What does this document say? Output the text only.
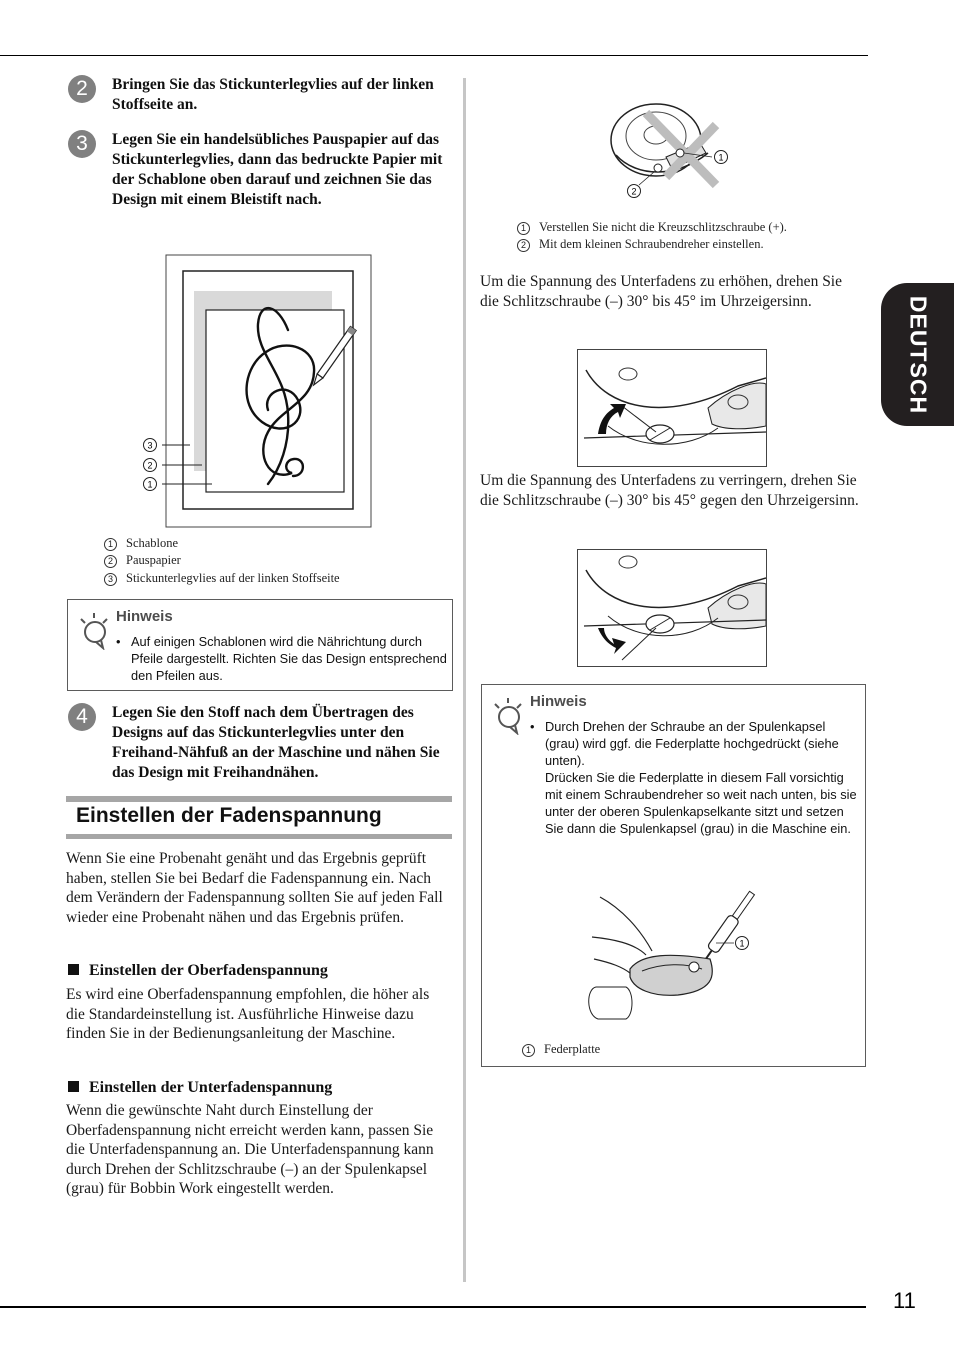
11
DEUTSCH
2	Bringen Sie das Stickunterlegvlies auf der linken Stoffseite an.
3	Legen Sie ein handelsübliches Pauspapier auf das Stickunterlegvlies, dann das bedruckte Papier mit der Schablone oben darauf und zeichnen Sie das Design mit einem Bleistift nach.
3
2
1
1 Schablone
2 Pauspapier
3 Stickunterlegvlies auf der linken Stoffseite
Hinweis
• Auf einigen Schablonen wird die Nährichtung durch Pfeile dargestellt. Richten Sie das Design entsprechend den Pfeilen aus.
4	Legen Sie den Stoff nach dem Übertragen des Designs auf das Stickunterlegvlies unter den Freihand-Nähfuß an der Maschine und nähen Sie das Design mit Freihandnähen.
Einstellen der Fadenspannung
Wenn Sie eine Probenaht genäht und das Ergebnis geprüft haben, stellen Sie bei Bedarf die Fadenspannung ein. Nach dem Verändern der Fadenspannung sollten Sie auf jeden Fall wieder eine Probenaht nähen und das Ergebnis prüfen.
Einstellen der Oberfadenspannung
Es wird eine Oberfadenspannung empfohlen, die höher als die Standardeinstellung ist. Ausführliche Hinweise dazu finden Sie in der Bedienungsanleitung der Maschine.
Einstellen der Unterfadenspannung
Wenn die gewünschte Naht durch Einstellung der Oberfadenspannung nicht erreicht werden kann, passen Sie die Unterfadenspannung an. Die Unterfadenspannung kann durch Drehen der Schlitzschraube (–) an der Spulenkapsel (grau) für Bobbin Work eingestellt werden.
1
2
1 Verstellen Sie nicht die Kreuzschlitzschraube (+).
2 Mit dem kleinen Schraubendreher einstellen.
Um die Spannung des Unterfadens zu erhöhen, drehen Sie die Schlitzschraube (–) 30° bis 45° im Uhrzeigersinn.
Um die Spannung des Unterfadens zu verringern, drehen Sie die Schlitzschraube (–) 30° bis 45° gegen den Uhrzeigersinn.
Hinweis
• Durch Drehen der Schraube an der Spulenkapsel (grau) wird ggf. die Federplatte hochgedrückt (siehe unten).
Drücken Sie die Federplatte in diesem Fall vorsichtig mit einem Schraubendreher so weit nach unten, bis sie unter der oberen Spulenkapselkante sitzt und setzen Sie dann die Spulenkapsel (grau) in die Maschine ein.
1
1 Federplatte
